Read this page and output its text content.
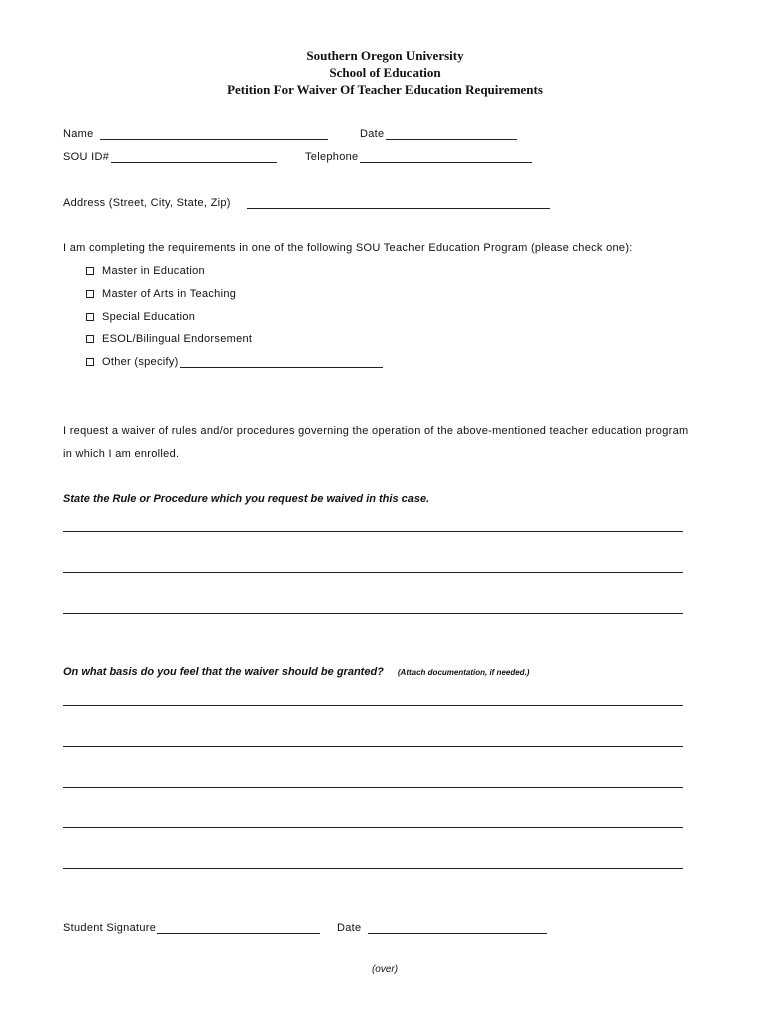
Southern Oregon University
School of Education
Petition For Waiver Of Teacher Education Requirements
Name	Date
SOU ID#	Telephone
Address (Street, City, State, Zip)
I am completing the requirements in one of the following SOU Teacher Education Program (please check one):
Master in Education
Master of Arts in Teaching
Special Education
ESOL/Bilingual Endorsement
Other (specify)
I request a waiver of rules and/or procedures governing the operation of the above-mentioned teacher education program
in which I am enrolled.
State the Rule or Procedure which you request be waived in this case.
On what basis do you feel that the waiver should be granted? (Attach documentation, if needed.)
Student Signature	Date
(over)
